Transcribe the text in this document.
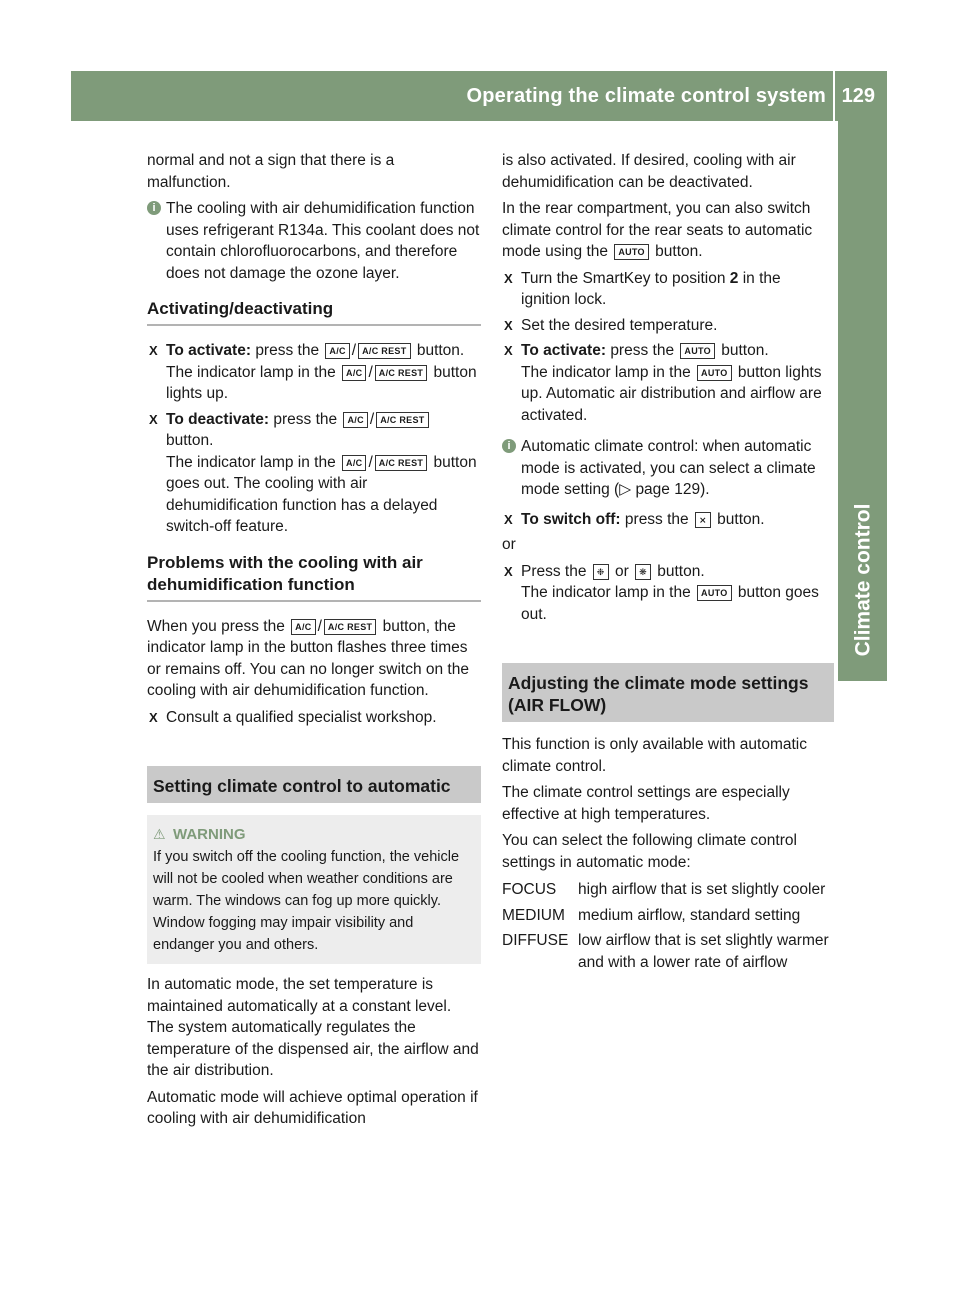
Operating the climate control system 129
Climate control

normal and not a sign that there is a malfunction.

i The cooling with air dehumidification function uses refrigerant R134a. This coolant does not contain chlorofluorocarbons, and therefore does not damage the ozone layer.
Activating/deactivating
X To activate: press the A/C / A/C REST button.
The indicator lamp in the A/C / A/C REST button lights up.
X To deactivate: press the A/C / A/C REST button.
The indicator lamp in the A/C / A/C REST button goes out. The cooling with air dehumidification function has a delayed switch-off feature.
Problems with the cooling with air dehumidification function

When you press the A/C / A/C REST button, the indicator lamp in the button flashes three times or remains off. You can no longer switch on the cooling with air dehumidification function.

X Consult a qualified specialist workshop.
Setting climate control to automatic
⚠ WARNING
If you switch off the cooling function, the vehicle will not be cooled when weather conditions are warm. The windows can fog up more quickly. Window fogging may impair visibility and endanger you and others.

In automatic mode, the set temperature is maintained automatically at a constant level. The system automatically regulates the temperature of the dispensed air, the airflow and the air distribution.

Automatic mode will achieve optimal operation if cooling with air dehumidification

is also activated. If desired, cooling with air dehumidification can be deactivated.

In the rear compartment, you can also switch climate control for the rear seats to automatic mode using the AUTO button.

X Turn the SmartKey to position 2 in the ignition lock.
X Set the desired temperature.
X To activate: press the AUTO button.
The indicator lamp in the AUTO button lights up. Automatic air distribution and airflow are activated.
i Automatic climate control: when automatic mode is activated, you can select a climate mode setting (▷ page 129).
X To switch off: press the ⨯ button.

or

X Press the ❉ or ❋ button.
The indicator lamp in the AUTO button goes out.
Adjusting the climate mode settings (AIR FLOW)

This function is only available with automatic climate control.

The climate control settings are especially effective at high temperatures.

You can select the following climate control settings in automatic mode:

FOCUS	high airflow that is set slightly cooler
MEDIUM medium airflow, standard setting
DIFFUSE low airflow that is set slightly warmer and with a lower rate of airflow
